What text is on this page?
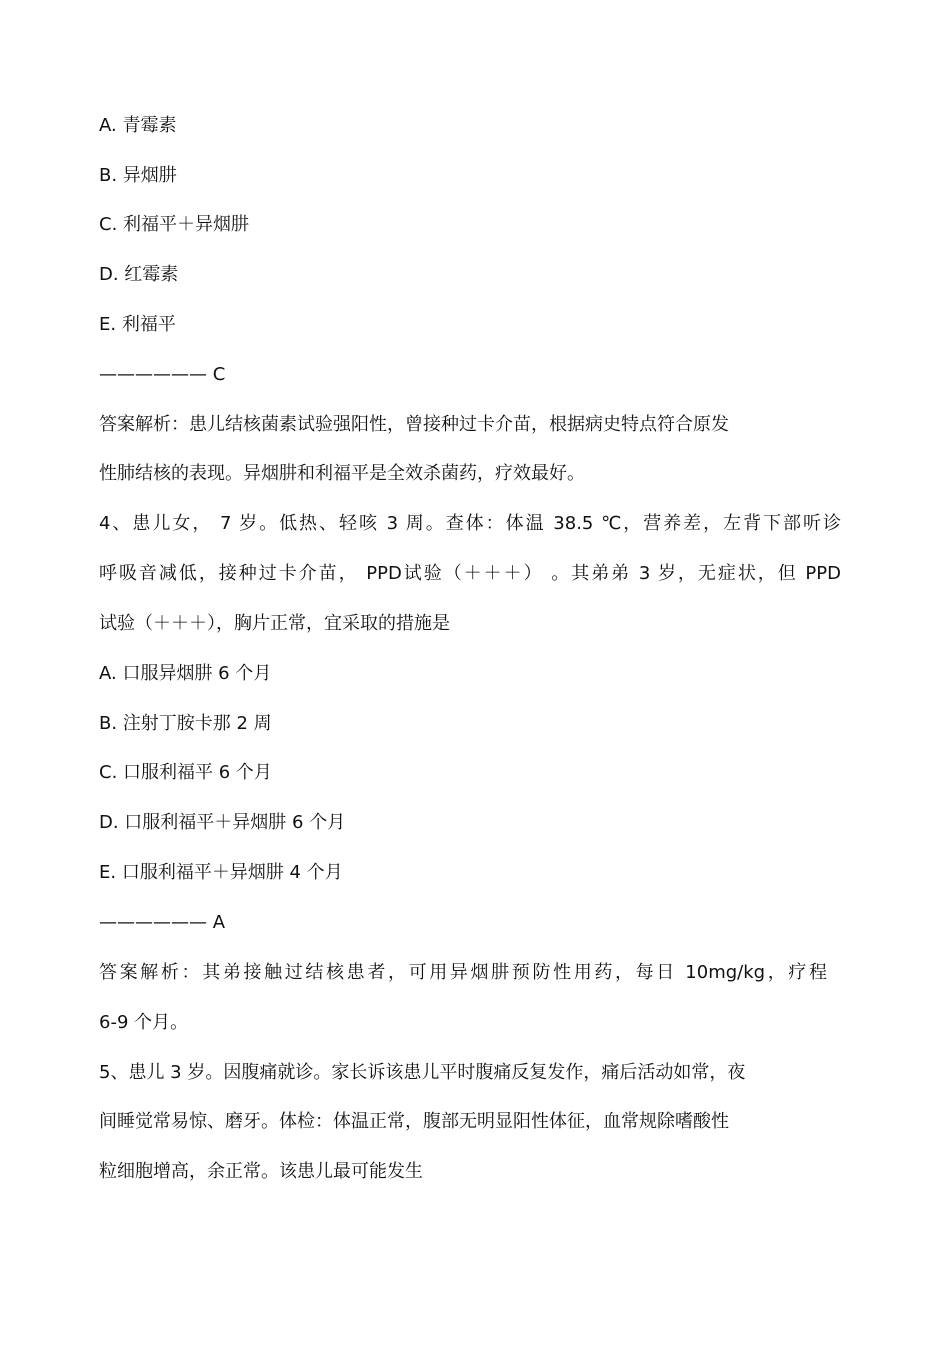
A. 青霉素
B. 异烟肼
C. 利福平＋异烟肼
D. 红霉素
E. 利福平
—————— C
答案解析：患儿结核菌素试验强阳性，曾接种过卡介苗，根据病史特点符合原发
性肺结核的表现。异烟肼和利福平是全效杀菌药，疗效最好。
4、患儿女， 7 岁。低热、轻咳 3 周。查体：体温 38.5 ℃，营养差，左背下部听诊
呼吸音减低，接种过卡介苗， PPD试验（＋＋＋） 。其弟弟 3 岁，无症状，但 PPD
试验（＋＋＋），胸片正常，宜采取的措施是
A. 口服异烟肼 6 个月
B. 注射丁胺卡那 2 周
C. 口服利福平 6 个月
D. 口服利福平＋异烟肼 6 个月
E. 口服利福平＋异烟肼 4 个月
—————— A
答案解析：其弟接触过结核患者，可用异烟肼预防性用药，每日 10mg/kg，疗程
6-9 个月。
5、患儿 3 岁。因腹痛就诊。家长诉该患儿平时腹痛反复发作，痛后活动如常，夜
间睡觉常易惊、磨牙。体检：体温正常，腹部无明显阳性体征，血常规除嗜酸性
粒细胞增高，余正常。该患儿最可能发生
